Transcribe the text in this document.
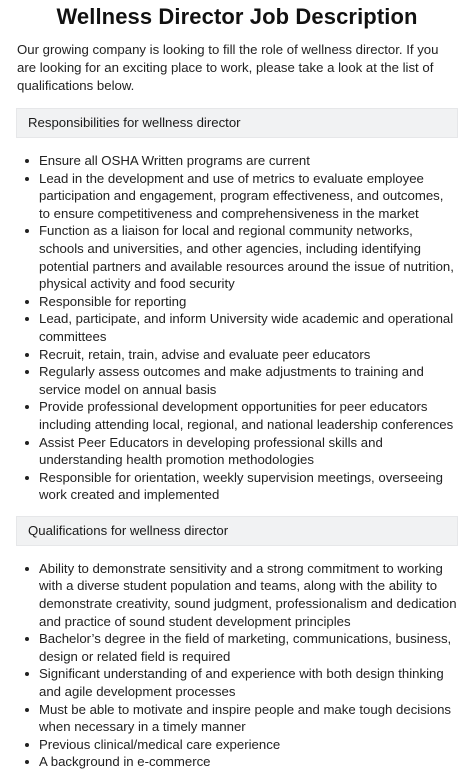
Wellness Director Job Description

Our growing company is looking to fill the role of wellness director. If you are looking for an exciting place to work, please take a look at the list of qualifications below.

Responsibilities for wellness director
Ensure all OSHA Written programs are current
Lead in the development and use of metrics to evaluate employee participation and engagement, program effectiveness, and outcomes, to ensure competitiveness and comprehensiveness in the market
Function as a liaison for local and regional community networks, schools and universities, and other agencies, including identifying potential partners and available resources around the issue of nutrition, physical activity and food security
Responsible for reporting
Lead, participate, and inform University wide academic and operational committees
Recruit, retain, train, advise and evaluate peer educators
Regularly assess outcomes and make adjustments to training and service model on annual basis
Provide professional development opportunities for peer educators including attending local, regional, and national leadership conferences
Assist Peer Educators in developing professional skills and understanding health promotion methodologies
Responsible for orientation, weekly supervision meetings, overseeing work created and implemented
Qualifications for wellness director
Ability to demonstrate sensitivity and a strong commitment to working with a diverse student population and teams, along with the ability to demonstrate creativity, sound judgment, professionalism and dedication and practice of sound student development principles
Bachelor’s degree in the field of marketing, communications, business, design or related field is required
Significant understanding of and experience with both design thinking and agile development processes
Must be able to motivate and inspire people and make tough decisions when necessary in a timely manner
Previous clinical/medical care experience
A background in e-commerce
